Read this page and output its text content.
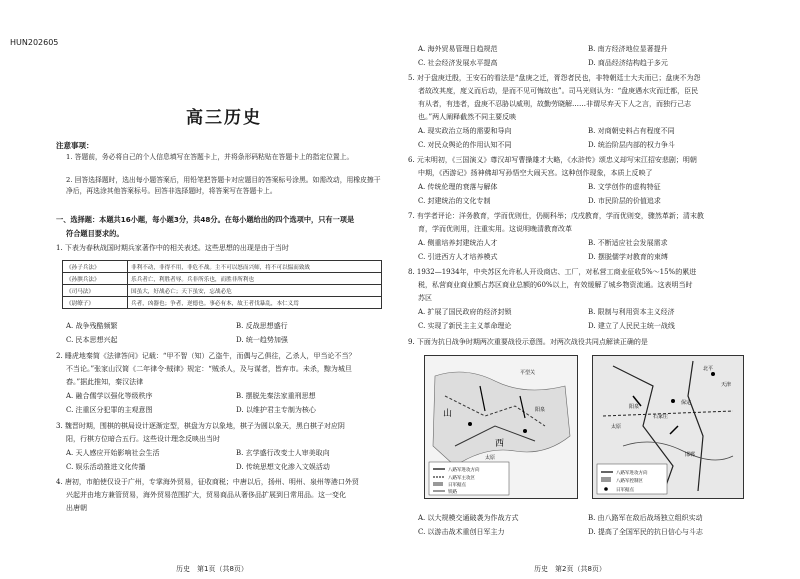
HUN202605
高三历史
注意事项：
1. 答题前，务必将自己的个人信息填写在答题卡上，并将条形码粘贴在答题卡上的指定位置上。
2. 回答选择题时，选出每小题答案后，用铅笔把答题卡对应题目的答案标号涂黑。如需改动，用橡皮擦干净后，再选涂其他答案标号。回答非选择题时，将答案写在答题卡上。
一、选择题：本题共16小题，每小题3分，共48分。在每小题给出的四个选项中，只有一项是
符合题目要求的。
1. 下表为春秋战国时期兵家著作中的相关表述。这些思想的出现是由于当时
《孙子兵法》	非利不动，非得不用，非危不战。主不可以怒而兴师，将不可以愠而致战
《孙膑兵法》	乐兵者亡，利胜者辱。兵非所乐也，而胜非所利也
《司马法》	国虽大，好战必亡；天下虽安，忘战必危
《尉缭子》	兵者，凶器也；争者，逆德也。事必有本，故王者伐暴乱，本仁义焉
A. 战争残酷频繁	B. 反战思想盛行
C. 民本思想兴起	D. 统一趋势加强
2. 睡虎地秦简《法律答问》记载：“甲不智（知）乙盗牛，而偶与乙俱往，乙杀人，甲当论不当？
不当论。”张家山汉简《二年律令·贼律》规定：“贼杀人，及与谋者，皆弃市。未杀，黥为城旦
舂。”据此推知，秦汉法律
A. 融合儒学以强化等级秩序	B. 摆脱先秦法家重刑思想
C. 注重区分犯罪的主观意图	D. 以维护君主专制为核心
3. 魏晋时期，围棋的棋局设计逐渐定型，棋盘为方以象地，棋子为圆以象天，黑白棋子对应阴
阳，行棋方位暗合五行。这些设计理念反映出当时
A. 天人感应开始影响社会生活	B. 玄学盛行改变士人审美取向
C. 娱乐活动推进文化传播	D. 传统思想文化渗入文娱活动
4. 唐初，市舶使仅设于广州，专掌海外贸易，征收商税；中唐以后，扬州、明州、泉州等港口外贸
兴起并由地方兼管贸易，海外贸易范围扩大，贸易商品从奢侈品扩展到日常用品。这一变化
出唐朝
历史　第1页（共8页）
A. 海外贸易管理日趋规范	B. 南方经济地位显著提升
C. 社会经济发展水平提高	D. 商品经济结构趋于多元
5. 对于盘庚迁殷，王安石的看法是“盘庚之迁，胥怨者民也，非特朝廷士大夫而已；盘庚不为怨
者故改其度，度义而后动，是而不见可悔故也”。司马光则认为：“盘庚遇水灾而迁都，臣民
有从者，有违者，盘庚不忍胁以威刑，故勤劳晓解……非谓尽弃天下人之言，而独行己志
也。”两人阐释截然不同主要反映
A. 现实政治立场的需要和导向	B. 对商朝史料占有程度不同
C. 对民众舆论的作用认知不同	D. 统治阶层内部的权力争斗
6. 元末明初，《三国演义》尊汉却写曹操雄才大略，《水浒传》颂忠义却写宋江招安悲剧；明朝
中期，《西游记》扬神佛却写孙悟空大闹天宫。这种创作现象，本质上反映了
A. 传统伦理的衰落与解体	B. 文学创作的虚构特征
C. 封建统治的文化专制	D. 市民阶层的价值追求
7. 有学者评论：洋务教育，学而优则仕，仍厕科举；戊戌教育，学而优则变，骤然革新；清末教
育，学而优则用，注重实用。这说明晚清教育改革
A. 侧重培养封建统治人才	B. 不断适应社会发展需求
C. 引进西方人才培养模式	D. 摆脱儒学对教育的束缚
8. 1932—1934年，中央苏区允许私人开设商店、工厂，对私营工商业征收5%～15%的累进
税，私营商业商业额占苏区商业总额的60%以上，有效缓解了城乡物资流通。这表明当时
苏区
A. 扩展了国民政府的经济封锁	B. 限制与利用资本主义经济
C. 实现了新民主主义革命理论	D. 建立了人民民主统一战线
9. 下面为抗日战争时期两次重要战役示意图。对两次战役共同点解读正确的是
山
西
平型关
阳泉
太原
八路军进攻方向
八路军主攻区
日军据点
铁路
北平
天津
保定
石家庄
太原
阳泉
邯郸
八路军进攻方向
八路军控制区
日军据点
A. 以大规模交通破袭为作战方式	B. 由八路军在敌后战场独立组织实动
C. 以游击战术重创日军主力	D. 提高了全国军民的抗日信心与斗志
历史　第2页（共8页）
